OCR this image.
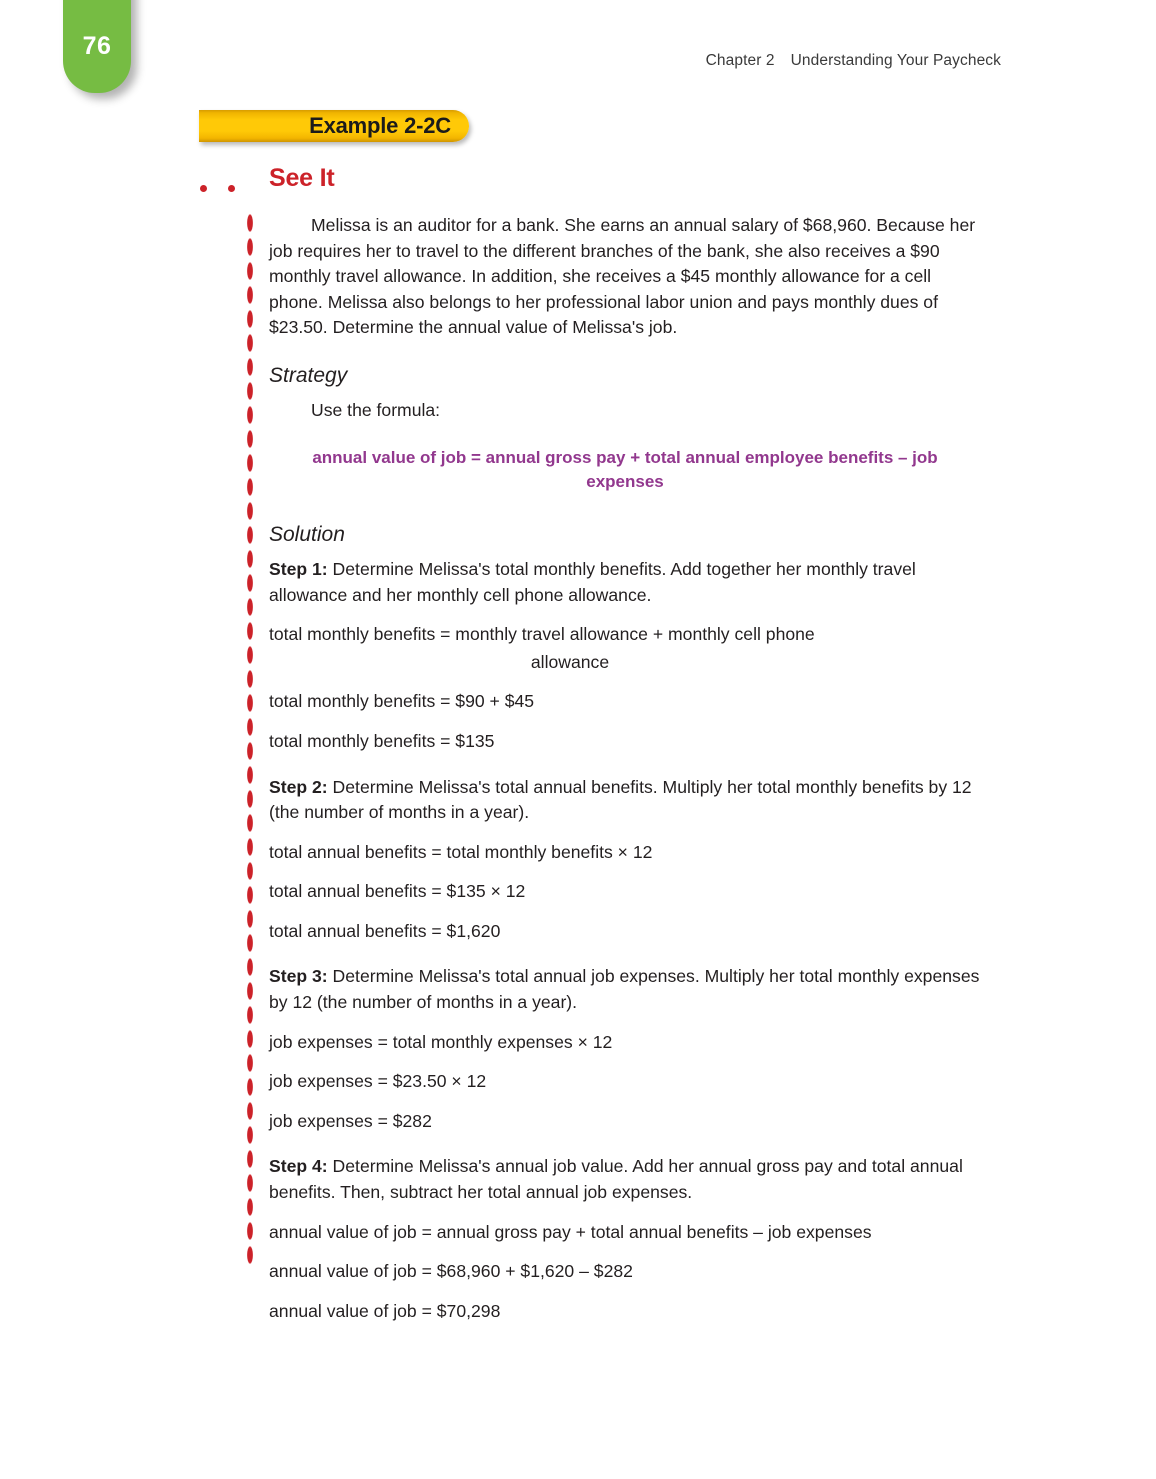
76
Chapter 2 Understanding Your Paycheck
Example 2-2C
See It

Melissa is an auditor for a bank. She earns an annual salary of $68,960. Because her job requires her to travel to the different branches of the bank, she also receives a $90 monthly travel allowance. In addition, she receives a $45 monthly allowance for a cell phone. Melissa also belongs to her professional labor union and pays monthly dues of $23.50. Determine the annual value of Melissa's job.

Strategy

Use the formula:

annual value of job = annual gross pay + total annual employee benefits – job expenses

Solution

Step 1: Determine Melissa's total monthly benefits. Add together her monthly travel allowance and her monthly cell phone allowance.

total monthly benefits = monthly travel allowance + monthly cell phone

allowance

total monthly benefits = $90 + $45

total monthly benefits = $135

Step 2: Determine Melissa's total annual benefits. Multiply her total monthly benefits by 12 (the number of months in a year).

total annual benefits = total monthly benefits × 12

total annual benefits = $135 × 12

total annual benefits = $1,620

Step 3: Determine Melissa's total annual job expenses. Multiply her total monthly expenses by 12 (the number of months in a year).

job expenses = total monthly expenses × 12

job expenses = $23.50 × 12

job expenses = $282

Step 4: Determine Melissa's annual job value. Add her annual gross pay and total annual benefits. Then, subtract her total annual job expenses.

annual value of job = annual gross pay + total annual benefits – job expenses

annual value of job = $68,960 + $1,620 – $282

annual value of job = $70,298
